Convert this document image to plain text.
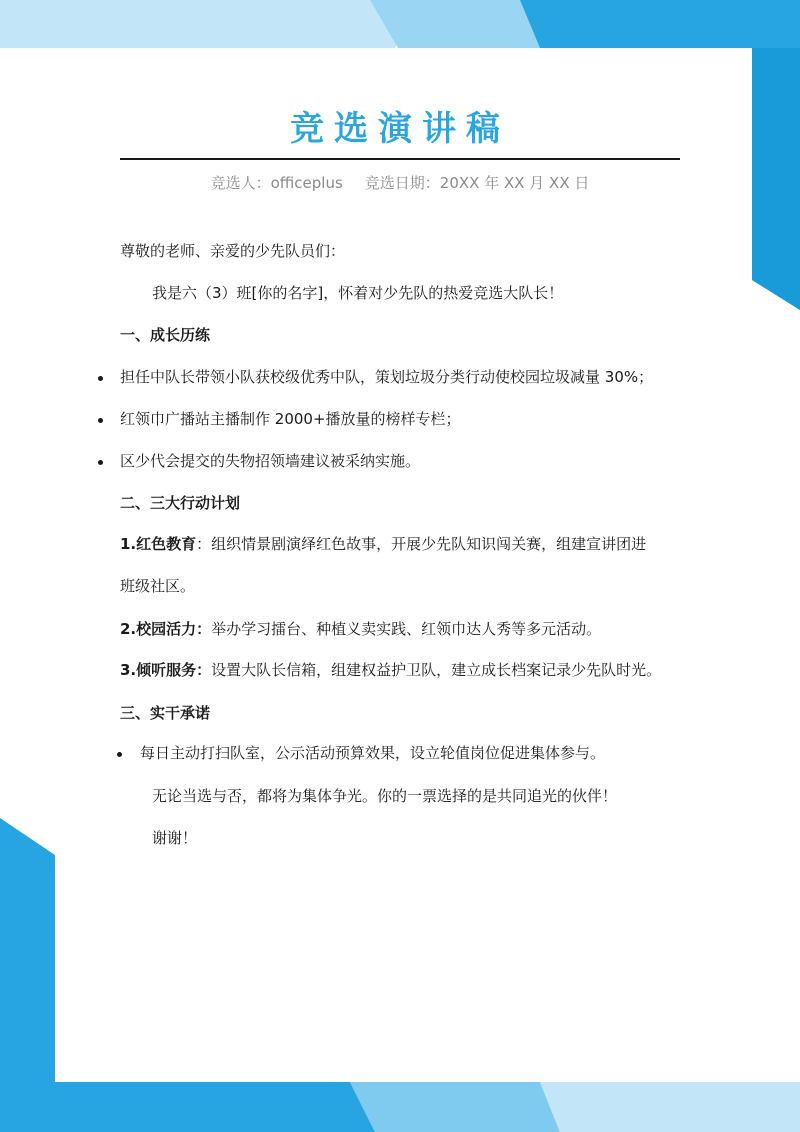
竞选演讲稿
竞选人：officeplus 竞选日期：20XX 年 XX 月 XX 日
尊敬的老师、亲爱的少先队员们：
我是六（3）班[你的名字]，怀着对少先队的热爱竞选大队长！
一、成长历练
担任中队长带领小队获校级优秀中队，策划垃圾分类行动使校园垃圾减量 30%；
红领巾广播站主播制作 2000+播放量的榜样专栏；
区少代会提交的失物招领墙建议被采纳实施。
二、三大行动计划
1.红色教育：组织情景剧演绎红色故事，开展少先队知识闯关赛，组建宣讲团进
班级社区。
2.校园活力：举办学习擂台、种植义卖实践、红领巾达人秀等多元活动。
3.倾听服务：设置大队长信箱，组建权益护卫队，建立成长档案记录少先队时光。
三、实干承诺
每日主动打扫队室，公示活动预算效果，设立轮值岗位促进集体参与。
无论当选与否，都将为集体争光。你的一票选择的是共同追光的伙伴！
谢谢！
